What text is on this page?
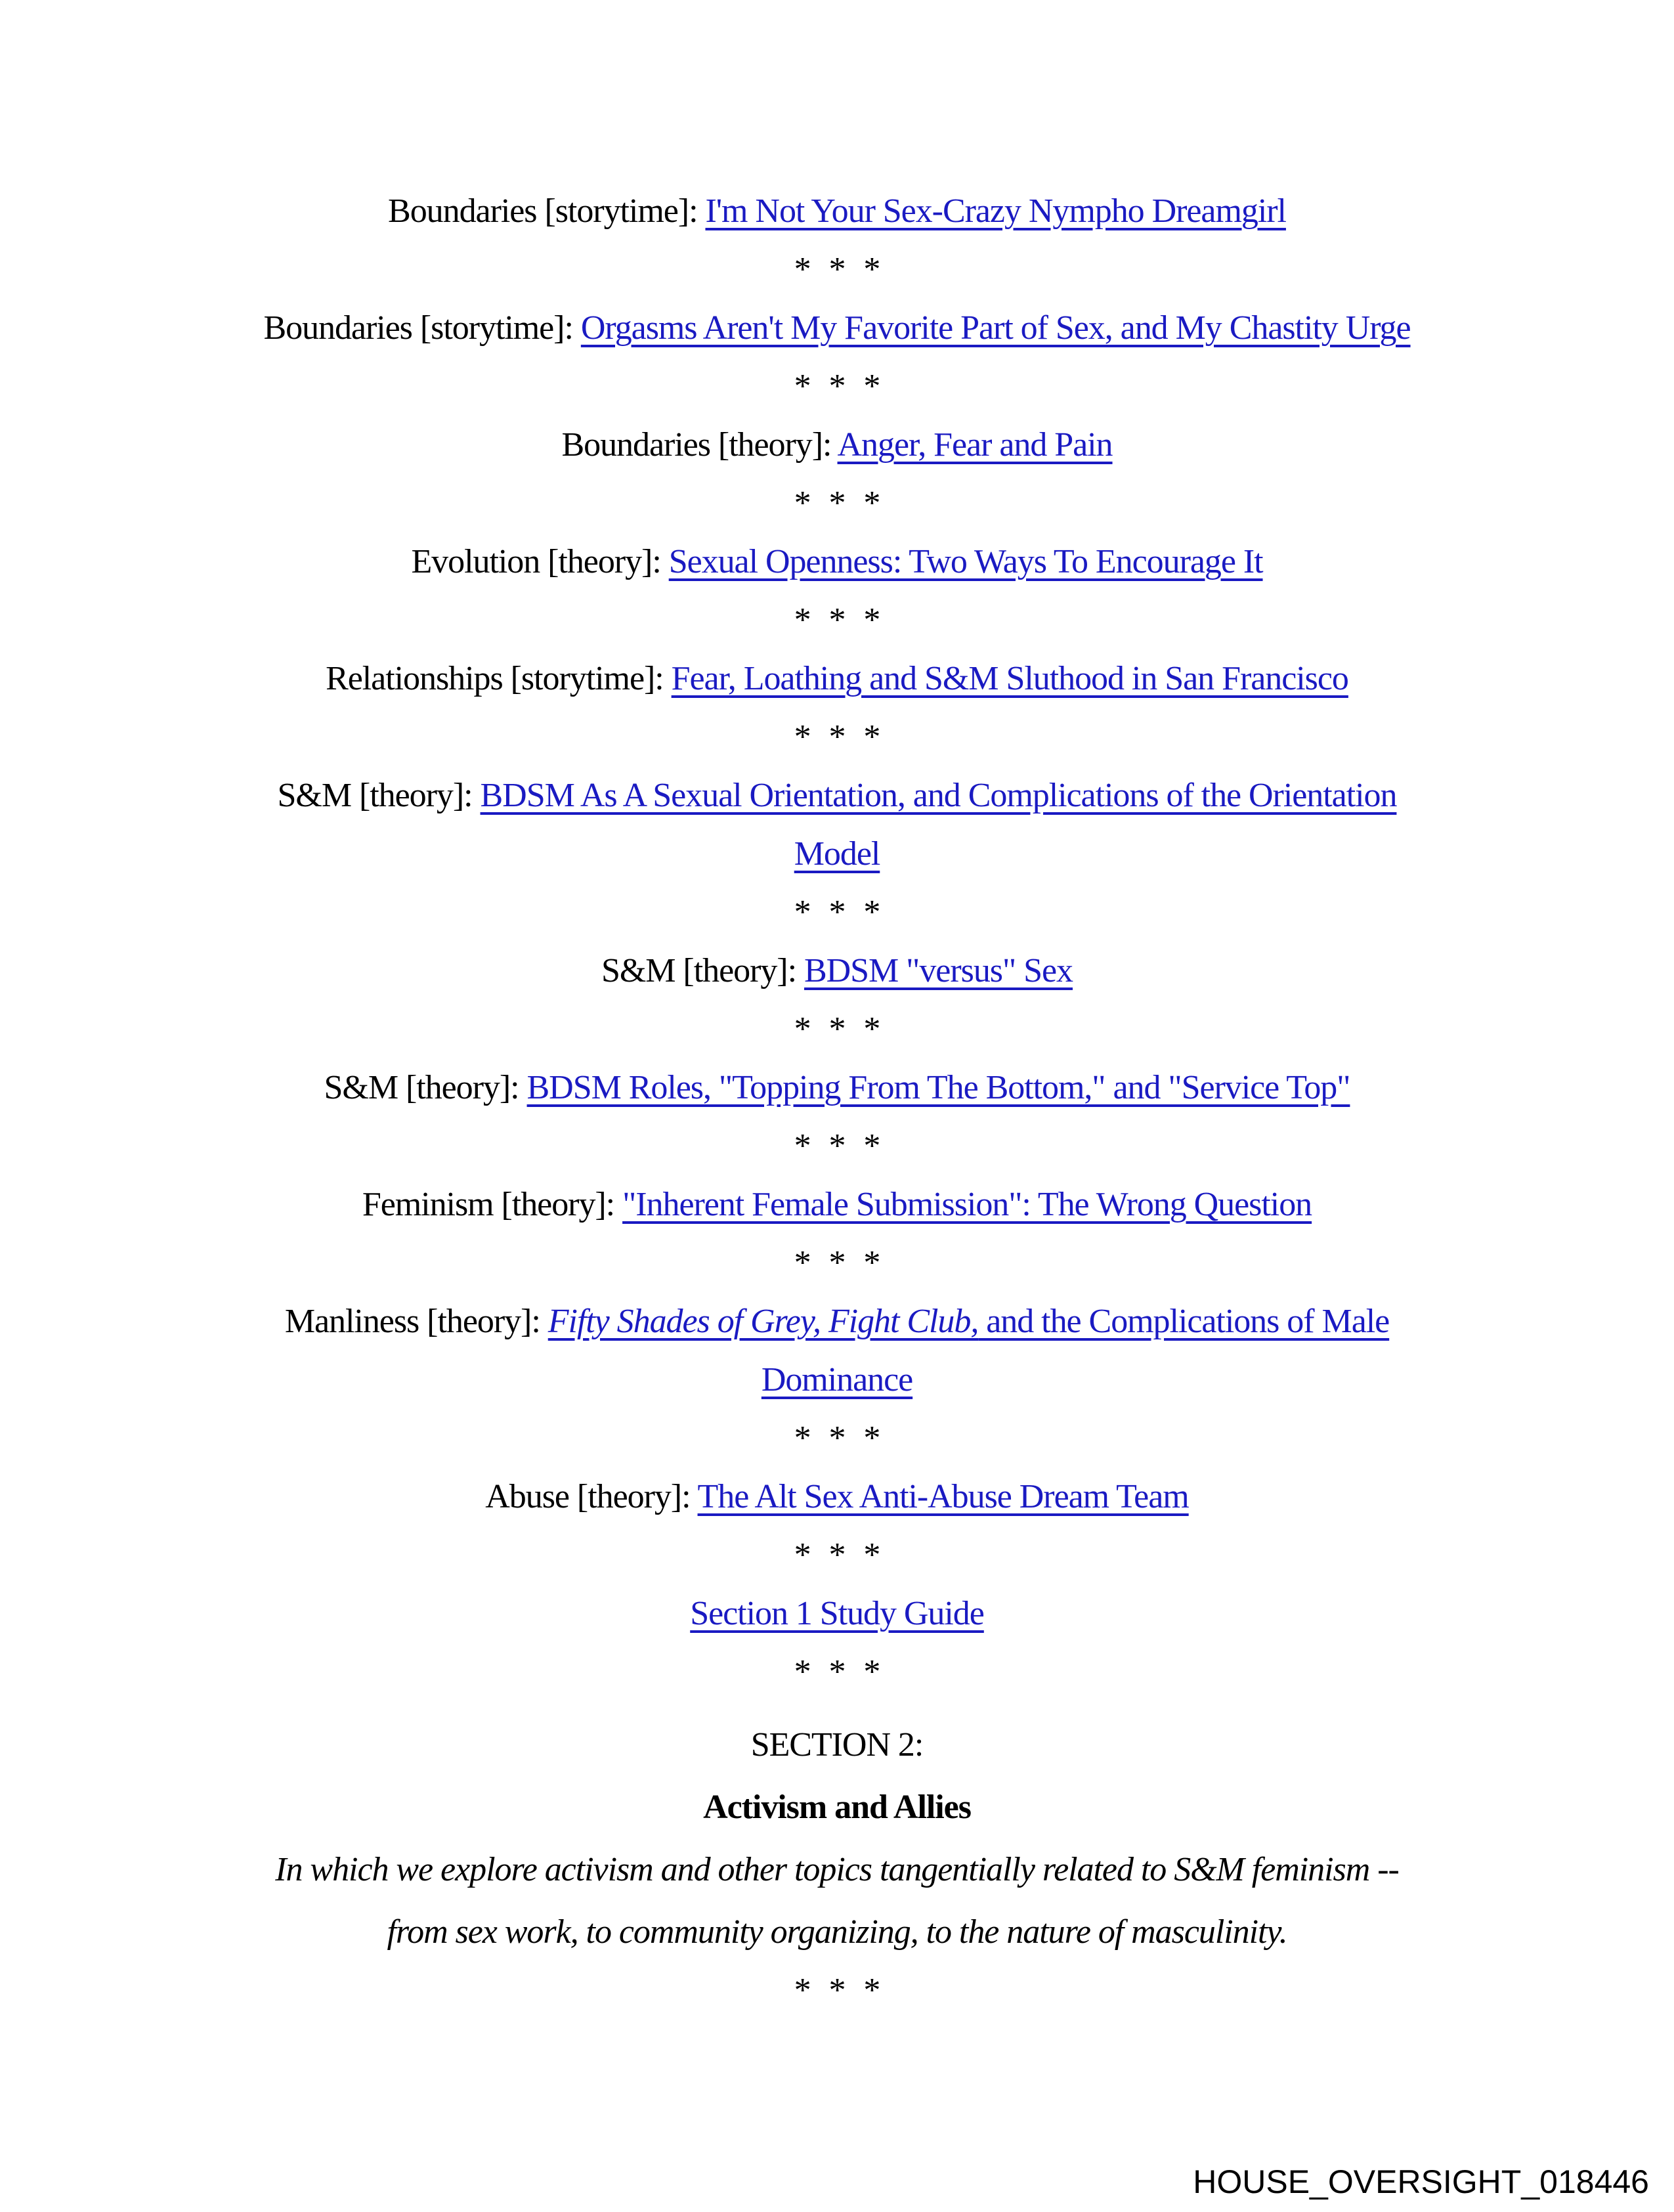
Boundaries [storytime]: I'm Not Your Sex-Crazy Nympho Dreamgirl

* * *

Boundaries [storytime]: Orgasms Aren't My Favorite Part of Sex, and My Chastity Urge

* * *

Boundaries [theory]: Anger, Fear and Pain

* * *

Evolution [theory]: Sexual Openness: Two Ways To Encourage It

* * *

Relationships [storytime]: Fear, Loathing and S&M Sluthood in San Francisco

* * *

S&M [theory]: BDSM As A Sexual Orientation, and Complications of the Orientation
Model

* * *

S&M [theory]: BDSM "versus" Sex

* * *

S&M [theory]: BDSM Roles, "Topping From The Bottom," and "Service Top"

* * *

Feminism [theory]: "Inherent Female Submission": The Wrong Question

* * *

Manliness [theory]: Fifty Shades of Grey, Fight Club, and the Complications of Male
Dominance

* * *

Abuse [theory]: The Alt Sex Anti-Abuse Dream Team

* * *

Section 1 Study Guide

* * *

SECTION 2:

Activism and Allies

In which we explore activism and other topics tangentially related to S&M feminism --

from sex work, to community organizing, to the nature of masculinity.

* * *

HOUSE_OVERSIGHT_018446
